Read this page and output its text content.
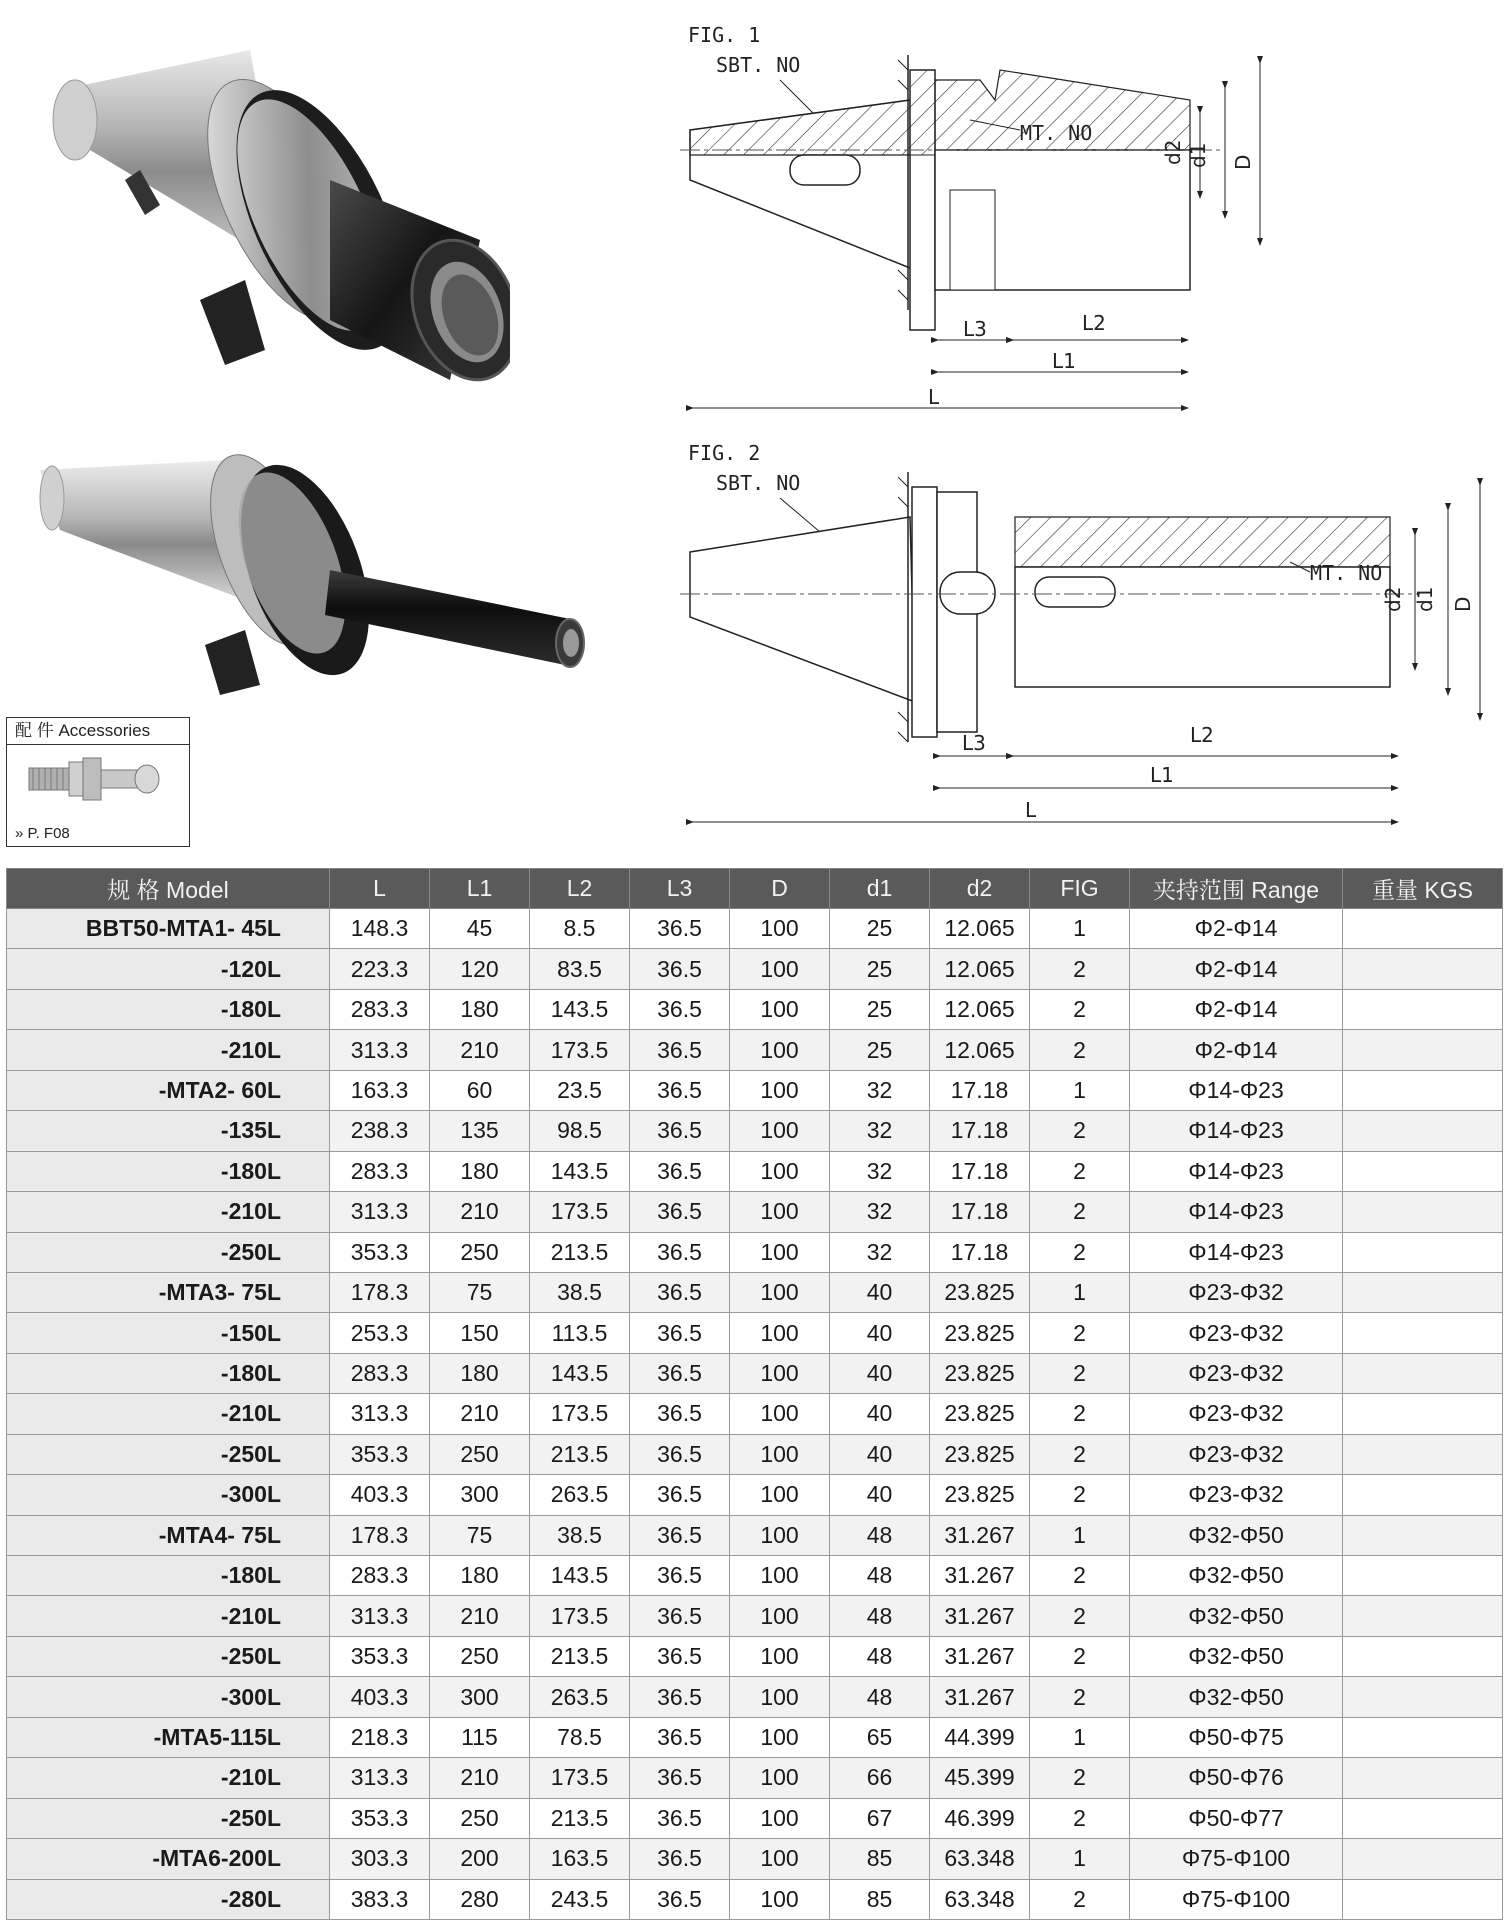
配 件 Accessories
» P. F08
FIG. 1
SBT. NO
MT. NO
d2 d1 D
L3	L2
L1
L
FIG. 2
SBT. NO
MT. NO
d2 d1 D
L3	L2
L1
L
规 格 Model	L	L1	L2	L3	D	d1	d2	FIG	夹持范围 Range	重量 KGS
BBT50-MTA1- 45L	148.3	45	8.5	36.5	100	25	12.065	1	Φ2-Φ14	
-120L	223.3	120	83.5	36.5	100	25	12.065	2	Φ2-Φ14	
-180L	283.3	180	143.5	36.5	100	25	12.065	2	Φ2-Φ14	
-210L	313.3	210	173.5	36.5	100	25	12.065	2	Φ2-Φ14	
-MTA2- 60L	163.3	60	23.5	36.5	100	32	17.18	1	Φ14-Φ23	
-135L	238.3	135	98.5	36.5	100	32	17.18	2	Φ14-Φ23	
-180L	283.3	180	143.5	36.5	100	32	17.18	2	Φ14-Φ23	
-210L	313.3	210	173.5	36.5	100	32	17.18	2	Φ14-Φ23	
-250L	353.3	250	213.5	36.5	100	32	17.18	2	Φ14-Φ23	
-MTA3- 75L	178.3	75	38.5	36.5	100	40	23.825	1	Φ23-Φ32	
-150L	253.3	150	113.5	36.5	100	40	23.825	2	Φ23-Φ32	
-180L	283.3	180	143.5	36.5	100	40	23.825	2	Φ23-Φ32	
-210L	313.3	210	173.5	36.5	100	40	23.825	2	Φ23-Φ32	
-250L	353.3	250	213.5	36.5	100	40	23.825	2	Φ23-Φ32	
-300L	403.3	300	263.5	36.5	100	40	23.825	2	Φ23-Φ32	
-MTA4- 75L	178.3	75	38.5	36.5	100	48	31.267	1	Φ32-Φ50	
-180L	283.3	180	143.5	36.5	100	48	31.267	2	Φ32-Φ50	
-210L	313.3	210	173.5	36.5	100	48	31.267	2	Φ32-Φ50	
-250L	353.3	250	213.5	36.5	100	48	31.267	2	Φ32-Φ50	
-300L	403.3	300	263.5	36.5	100	48	31.267	2	Φ32-Φ50	
-MTA5-115L	218.3	115	78.5	36.5	100	65	44.399	1	Φ50-Φ75	
-210L	313.3	210	173.5	36.5	100	66	45.399	2	Φ50-Φ76	
-250L	353.3	250	213.5	36.5	100	67	46.399	2	Φ50-Φ77	
-MTA6-200L	303.3	200	163.5	36.5	100	85	63.348	1	Φ75-Φ100	
-280L	383.3	280	243.5	36.5	100	85	63.348	2	Φ75-Φ100	
